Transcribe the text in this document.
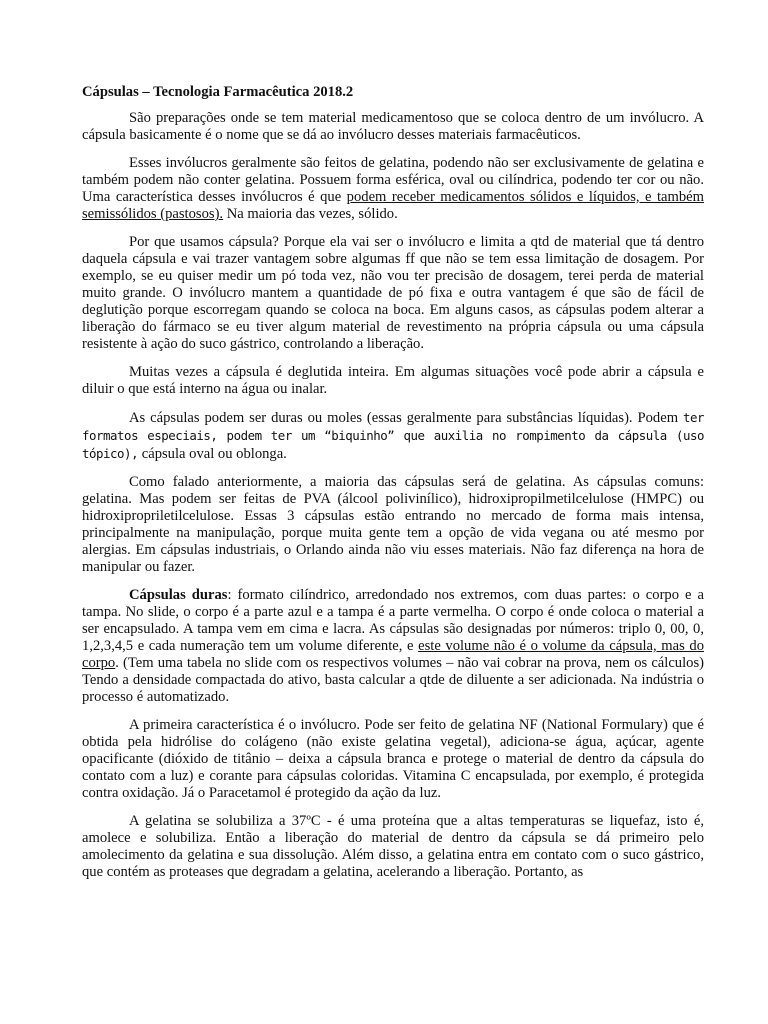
Cápsulas – Tecnologia Farmacêutica 2018.2

São preparações onde se tem material medicamentoso que se coloca dentro de um invólucro. A cápsula basicamente é o nome que se dá ao invólucro desses materiais farmacêuticos.

Esses invólucros geralmente são feitos de gelatina, podendo não ser exclusivamente de gelatina e também podem não conter gelatina. Possuem forma esférica, oval ou cilíndrica, podendo ter cor ou não. Uma característica desses invólucros é que podem receber medicamentos sólidos e líquidos, e também semissólidos (pastosos). Na maioria das vezes, sólido.

Por que usamos cápsula? Porque ela vai ser o invólucro e limita a qtd de material que tá dentro daquela cápsula e vai trazer vantagem sobre algumas ff que não se tem essa limitação de dosagem. Por exemplo, se eu quiser medir um pó toda vez, não vou ter precisão de dosagem, terei perda de material muito grande. O invólucro mantem a quantidade de pó fixa e outra vantagem é que são de fácil de deglutição porque escorregam quando se coloca na boca. Em alguns casos, as cápsulas podem alterar a liberação do fármaco se eu tiver algum material de revestimento na própria cápsula ou uma cápsula resistente à ação do suco gástrico, controlando a liberação.

Muitas vezes a cápsula é deglutida inteira. Em algumas situações você pode abrir a cápsula e diluir o que está interno na água ou inalar.

As cápsulas podem ser duras ou moles (essas geralmente para substâncias líquidas). Podem ter formatos especiais, podem ter um “biquinho” que auxilia no rompimento da cápsula (uso tópico), cápsula oval ou oblonga.

Como falado anteriormente, a maioria das cápsulas será de gelatina. As cápsulas comuns: gelatina. Mas podem ser feitas de PVA (álcool polivinílico), hidroxipropilmetilcelulose (HMPC) ou hidroxipropriletilcelulose. Essas 3 cápsulas estão entrando no mercado de forma mais intensa, principalmente na manipulação, porque muita gente tem a opção de vida vegana ou até mesmo por alergias. Em cápsulas industriais, o Orlando ainda não viu esses materiais. Não faz diferença na hora de manipular ou fazer.

Cápsulas duras: formato cilíndrico, arredondado nos extremos, com duas partes: o corpo e a tampa. No slide, o corpo é a parte azul e a tampa é a parte vermelha. O corpo é onde coloca o material a ser encapsulado. A tampa vem em cima e lacra. As cápsulas são designadas por números: triplo 0, 00, 0, 1,2,3,4,5 e cada numeração tem um volume diferente, e este volume não é o volume da cápsula, mas do corpo. (Tem uma tabela no slide com os respectivos volumes – não vai cobrar na prova, nem os cálculos) Tendo a densidade compactada do ativo, basta calcular a qtde de diluente a ser adicionada. Na indústria o processo é automatizado.

A primeira característica é o invólucro. Pode ser feito de gelatina NF (National Formulary) que é obtida pela hidrólise do colágeno (não existe gelatina vegetal), adiciona-se água, açúcar, agente opacificante (dióxido de titânio – deixa a cápsula branca e protege o material de dentro da cápsula do contato com a luz) e corante para cápsulas coloridas. Vitamina C encapsulada, por exemplo, é protegida contra oxidação. Já o Paracetamol é protegido da ação da luz.

A gelatina se solubiliza a 37ºC - é uma proteína que a altas temperaturas se liquefaz, isto é, amolece e solubiliza. Então a liberação do material de dentro da cápsula se dá primeiro pelo amolecimento da gelatina e sua dissolução. Além disso, a gelatina entra em contato com o suco gástrico, que contém as proteases que degradam a gelatina, acelerando a liberação. Portanto, as
